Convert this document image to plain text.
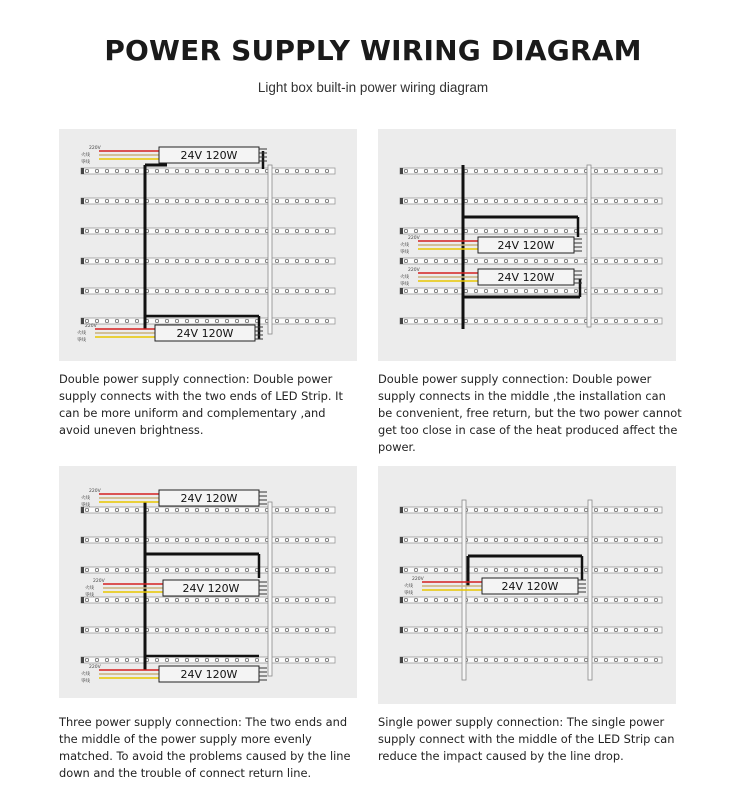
POWER SUPPLY WIRING DIAGRAM
Light box built-in power wiring diagram
220V
火线
零线
24V 120W
220V
火线
零线
24V 120W
Double power supply connection: Double power supply connects with the two ends of LED Strip. It can be more uniform and complementary ,and avoid uneven brightness.
220V
火线
零线
24V 120W
220V
火线
零线
24V 120W
Double power supply connection: Double power supply connects in the middle ,the installation can be convenient, free return, but the two power cannot get too close in case of the heat produced affect the power.
220V
火线
零线
24V 120W
220V
火线
零线
24V 120W
220V
火线
零线
24V 120W
Three power supply connection: The two ends and the middle of the power supply more evenly matched. To avoid the problems caused by the line down and the trouble of connect return line.
220V
火线
零线
24V 120W
Single power supply connection: The single power supply connect with the middle of the LED Strip can reduce the impact caused by the line drop.
